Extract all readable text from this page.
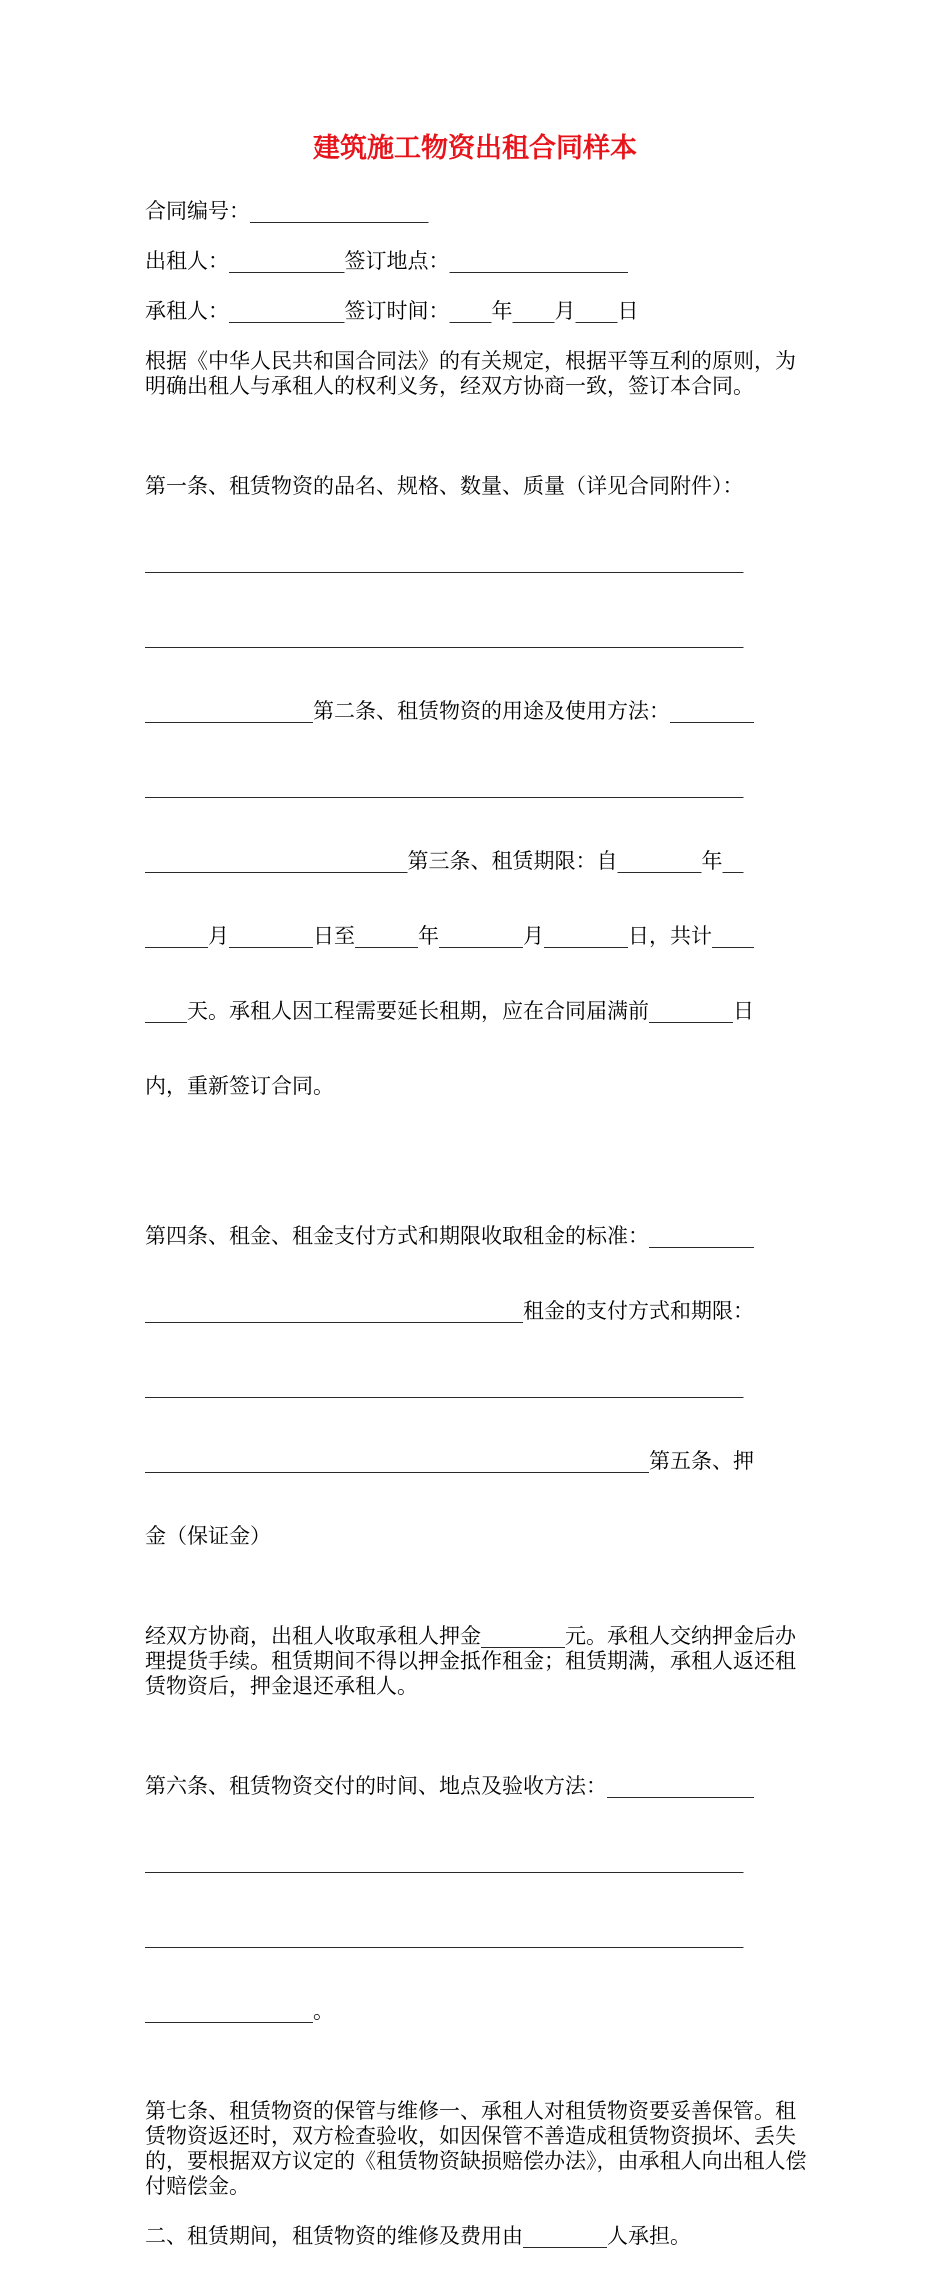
建筑施工物资出租合同样本

合同编号：_________________

出租人：___________签订地点：_________________

承租人：___________签订时间：____年____月____日

根据《中华人民共和国合同法》的有关规定，根据平等互利的原则，为明确出租人与承租人的权利义务，经双方协商一致，签订本合同。

第一条、租赁物资的品名、规格、数量、质量（详见合同附件）：

_________________________________________________________

_________________________________________________________

________________第二条、租赁物资的用途及使用方法：________

_________________________________________________________

_________________________第三条、租赁期限：自________年__

______月________日至______年________月________日，共计____

____天。承租人因工程需要延长租期，应在合同届满前________日

内，重新签订合同。

第四条、租金、租金支付方式和期限收取租金的标准：__________

____________________________________租金的支付方式和期限：

_________________________________________________________

________________________________________________第五条、押

金（保证金）

经双方协商，出租人收取承租人押金________元。承租人交纳押金后办理提货手续。租赁期间不得以押金抵作租金；租赁期满，承租人返还租赁物资后，押金退还承租人。

第六条、租赁物资交付的时间、地点及验收方法：______________

_________________________________________________________

_________________________________________________________

________________。

第七条、租赁物资的保管与维修一、承租人对租赁物资要妥善保管。租赁物资返还时，双方检查验收，如因保管不善造成租赁物资损坏、丢失的，要根据双方议定的《租赁物资缺损赔偿办法》，由承租人向出租人偿付赔偿金。

二、租赁期间，租赁物资的维修及费用由________人承担。
